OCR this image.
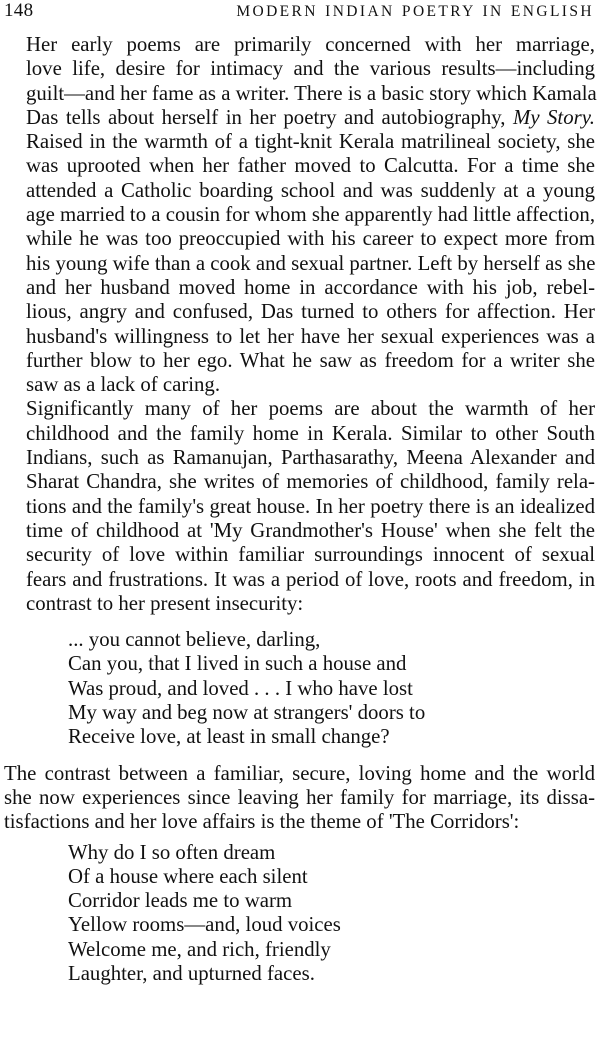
148	MODERN INDIAN POETRY IN ENGLISH

Her early poems are primarily concerned with her marriage,
love life, desire for intimacy and the various results—including
guilt—and her fame as a writer. There is a basic story which Kamala
Das tells about herself in her poetry and autobiography, My Story.
Raised in the warmth of a tight-knit Kerala matrilineal society, she
was uprooted when her father moved to Calcutta. For a time she
attended a Catholic boarding school and was suddenly at a young
age married to a cousin for whom she apparently had little affection,
while he was too preoccupied with his career to expect more from
his young wife than a cook and sexual partner. Left by herself as she
and her husband moved home in accordance with his job, rebel-
lious, angry and confused, Das turned to others for affection. Her
husband's willingness to let her have her sexual experiences was a
further blow to her ego. What he saw as freedom for a writer she
saw as a lack of caring.

Significantly many of her poems are about the warmth of her
childhood and the family home in Kerala. Similar to other South
Indians, such as Ramanujan, Parthasarathy, Meena Alexander and
Sharat Chandra, she writes of memories of childhood, family rela-
tions and the family's great house. In her poetry there is an idealized
time of childhood at 'My Grandmother's House' when she felt the
security of love within familiar surroundings innocent of sexual
fears and frustrations. It was a period of love, roots and freedom, in
contrast to her present insecurity:

... you cannot believe, darling,
Can you, that I lived in such a house and
Was proud, and loved . . . I who have lost
My way and beg now at strangers' doors to
Receive love, at least in small change?

The contrast between a familiar, secure, loving home and the world
she now experiences since leaving her family for marriage, its dissa-
tisfactions and her love affairs is the theme of 'The Corridors':

Why do I so often dream
Of a house where each silent
Corridor leads me to warm
Yellow rooms—and, loud voices
Welcome me, and rich, friendly
Laughter, and upturned faces.
